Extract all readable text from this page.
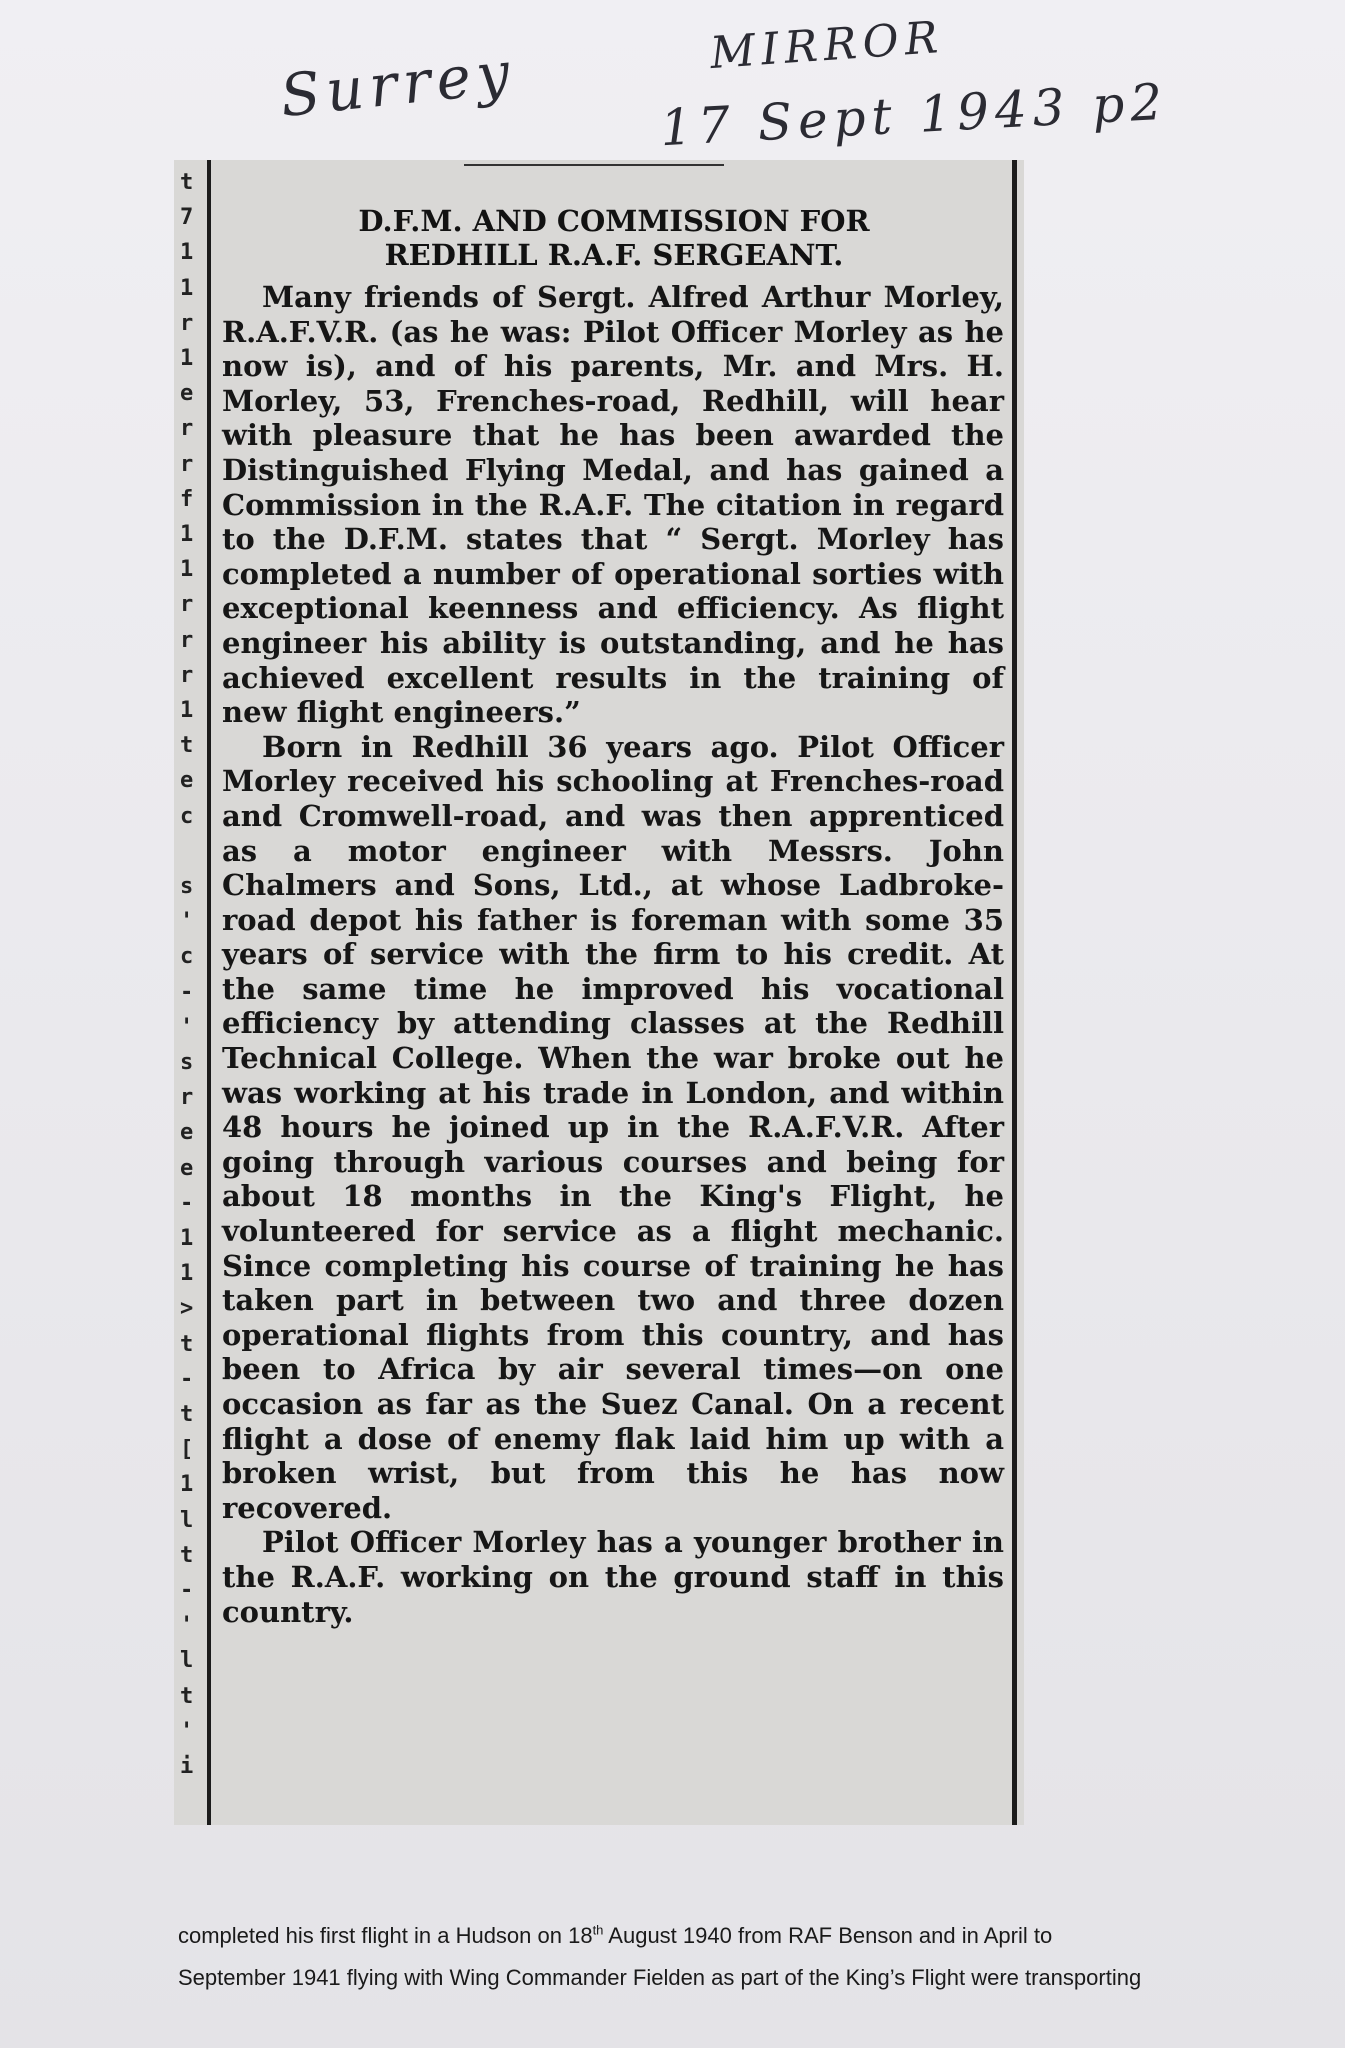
Surrey	MIRROR
17 Sept 1943 p2
t
7
1
1
r
1
e
r
r
f
1
1
r
r
r
1
t
e
c
s
'
c
-
'
s
r
e
e
-
1
1
>
t
-
t
[
1
l
t
-
'
l
t
'
i
D.F.M. AND COMMISSION FOR
REDHILL R.A.F. SERGEANT.

Many friends of Sergt. Alfred Arthur Morley, R.A.F.V.R. (as he was: Pilot Officer Morley as he now is), and of his parents, Mr. and Mrs. H. Morley, 53, Frenches-road, Redhill, will hear with pleasure that he has been awarded the Distinguished Flying Medal, and has gained a Commission in the R.A.F. The citation in regard to the D.F.M. states that “ Sergt. Morley has completed a number of operational sorties with exceptional keenness and efficiency. As flight engineer his ability is outstanding, and he has achieved excellent results in the training of new flight engineers.”

Born in Redhill 36 years ago. Pilot Officer Morley received his schooling at Frenches-road and Cromwell-road, and was then apprenticed as a motor engineer with Messrs. John Chalmers and Sons, Ltd., at whose Ladbroke-road depot his father is foreman with some 35 years of service with the firm to his credit. At the same time he improved his vocational efficiency by attending classes at the Redhill Technical College. When the war broke out he was working at his trade in London, and within 48 hours he joined up in the R.A.F.V.R. After going through various courses and being for about 18 months in the King's Flight, he volunteered for service as a flight mechanic. Since completing his course of training he has taken part in between two and three dozen operational flights from this country, and has been to Africa by air several times—on one occasion as far as the Suez Canal. On a recent flight a dose of enemy flak laid him up with a broken wrist, but from this he has now recovered.

Pilot Officer Morley has a younger brother in the R.A.F. working on the ground staff in this country.

completed his first flight in a Hudson on 18th August 1940 from RAF Benson and in April to
September 1941 flying with Wing Commander Fielden as part of the King’s Flight were transporting
